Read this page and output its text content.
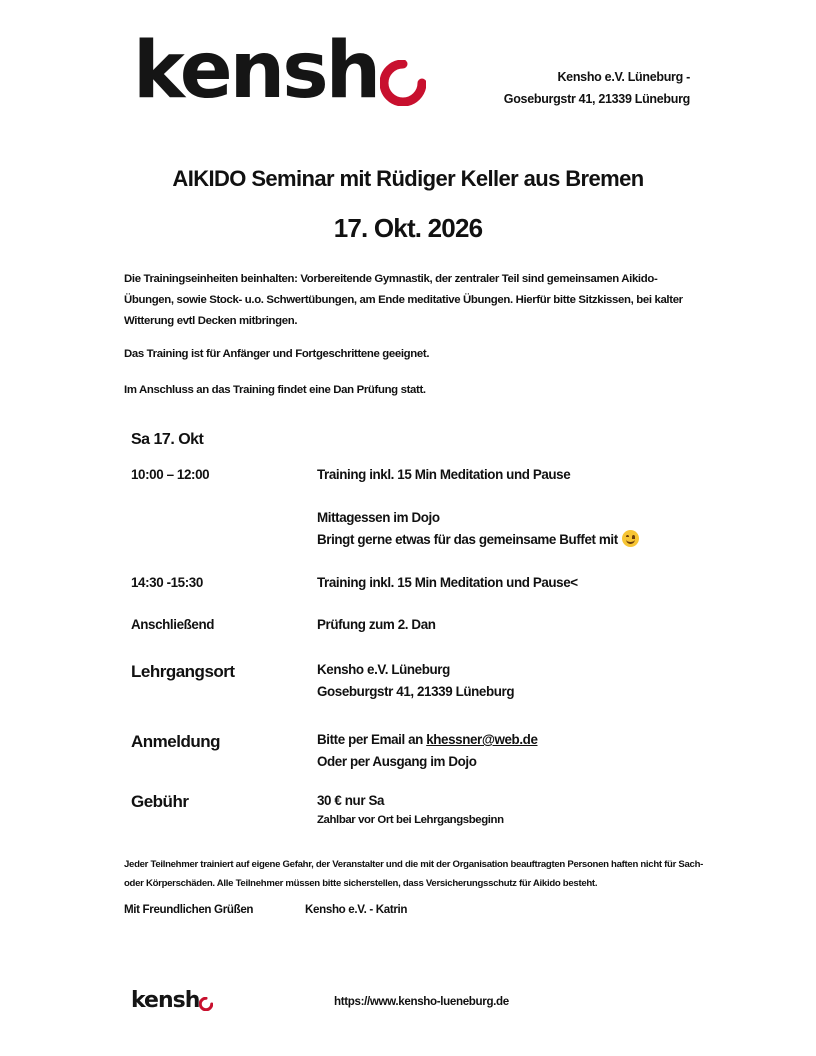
kensh	Kensho e.V. Lüneburg -
Goseburgstr 41, 21339 Lüneburg
AIKIDO Seminar mit Rüdiger Keller aus Bremen
17. Okt. 2026
Die Trainingseinheiten beinhalten: Vorbereitende Gymnastik, der zentraler Teil sind gemeinsamen Aikido-Übungen, sowie Stock- u.o. Schwertübungen, am Ende meditative Übungen. Hierfür bitte Sitzkissen, bei kalter Witterung evtl Decken mitbringen.
Das Training ist für Anfänger und Fortgeschrittene geeignet.
Im Anschluss an das Training findet eine Dan Prüfung statt.
Sa 17. Okt
10:00 – 12:00	Training inkl. 15 Min Meditation und Pause
Mittagessen im Dojo
Bringt gerne etwas für das gemeinsame Buffet mit
14:30 -15:30	Training inkl. 15 Min Meditation und Pause<
Anschließend	Prüfung zum 2. Dan
Lehrgangsort	Kensho e.V. Lüneburg
Goseburgstr 41, 21339 Lüneburg
Anmeldung	Bitte per Email an khessner@web.de
Oder per Ausgang im Dojo
Gebühr	30 € nur Sa
Zahlbar vor Ort bei Lehrgangsbeginn
Jeder Teilnehmer trainiert auf eigene Gefahr, der Veranstalter und die mit der Organisation beauftragten Personen haften nicht für Sach- oder Körperschäden. Alle Teilnehmer müssen bitte sicherstellen, dass Versicherungsschutz für Aikido besteht.
Mit Freundlichen Grüßen	Kensho e.V. - Katrin
kensh	https://www.kensho-lueneburg.de
